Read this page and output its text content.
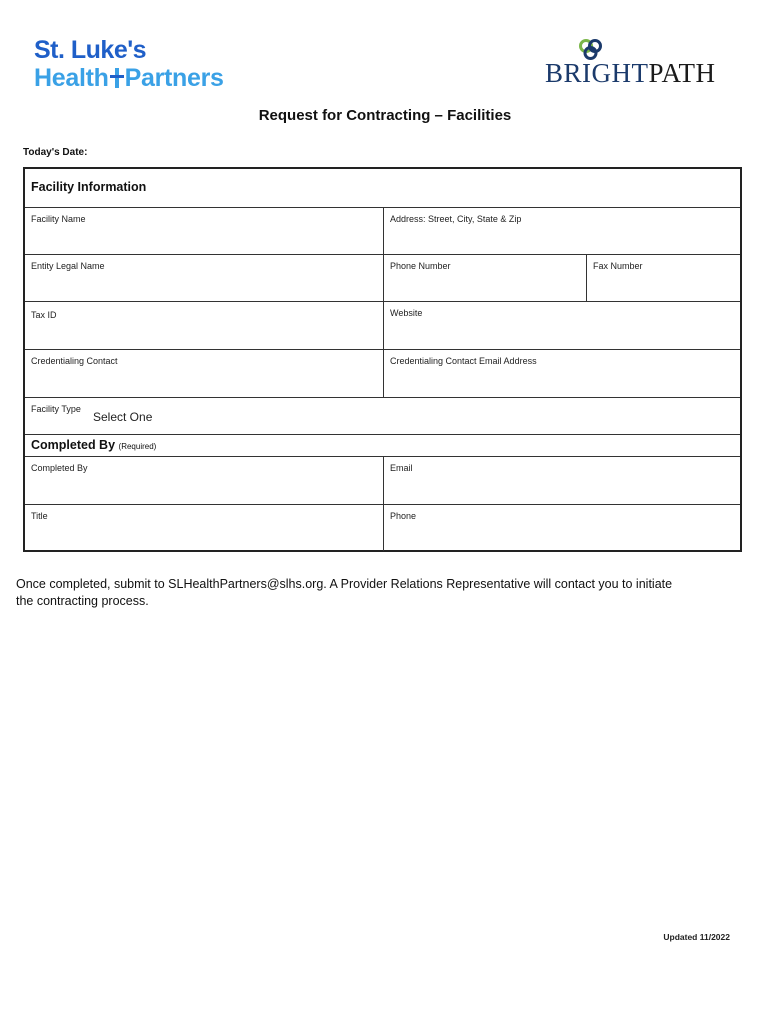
St. Luke's
Health Partners	BRIGHTPATH
Request for Contracting – Facilities
Today's Date:
Facility Information
Facility Name	Address: Street, City, State & Zip
Entity Legal Name	Phone Number	Fax Number
Tax ID	Website
Credentialing Contact	Credentialing Contact Email Address
Facility Type
Select One
Completed By (Required)
Completed By	Email
Title	Phone
Once completed, submit to SLHealthPartners@slhs.org. A Provider Relations Representative will contact you to initiate the contracting process.
Updated 11/2022
